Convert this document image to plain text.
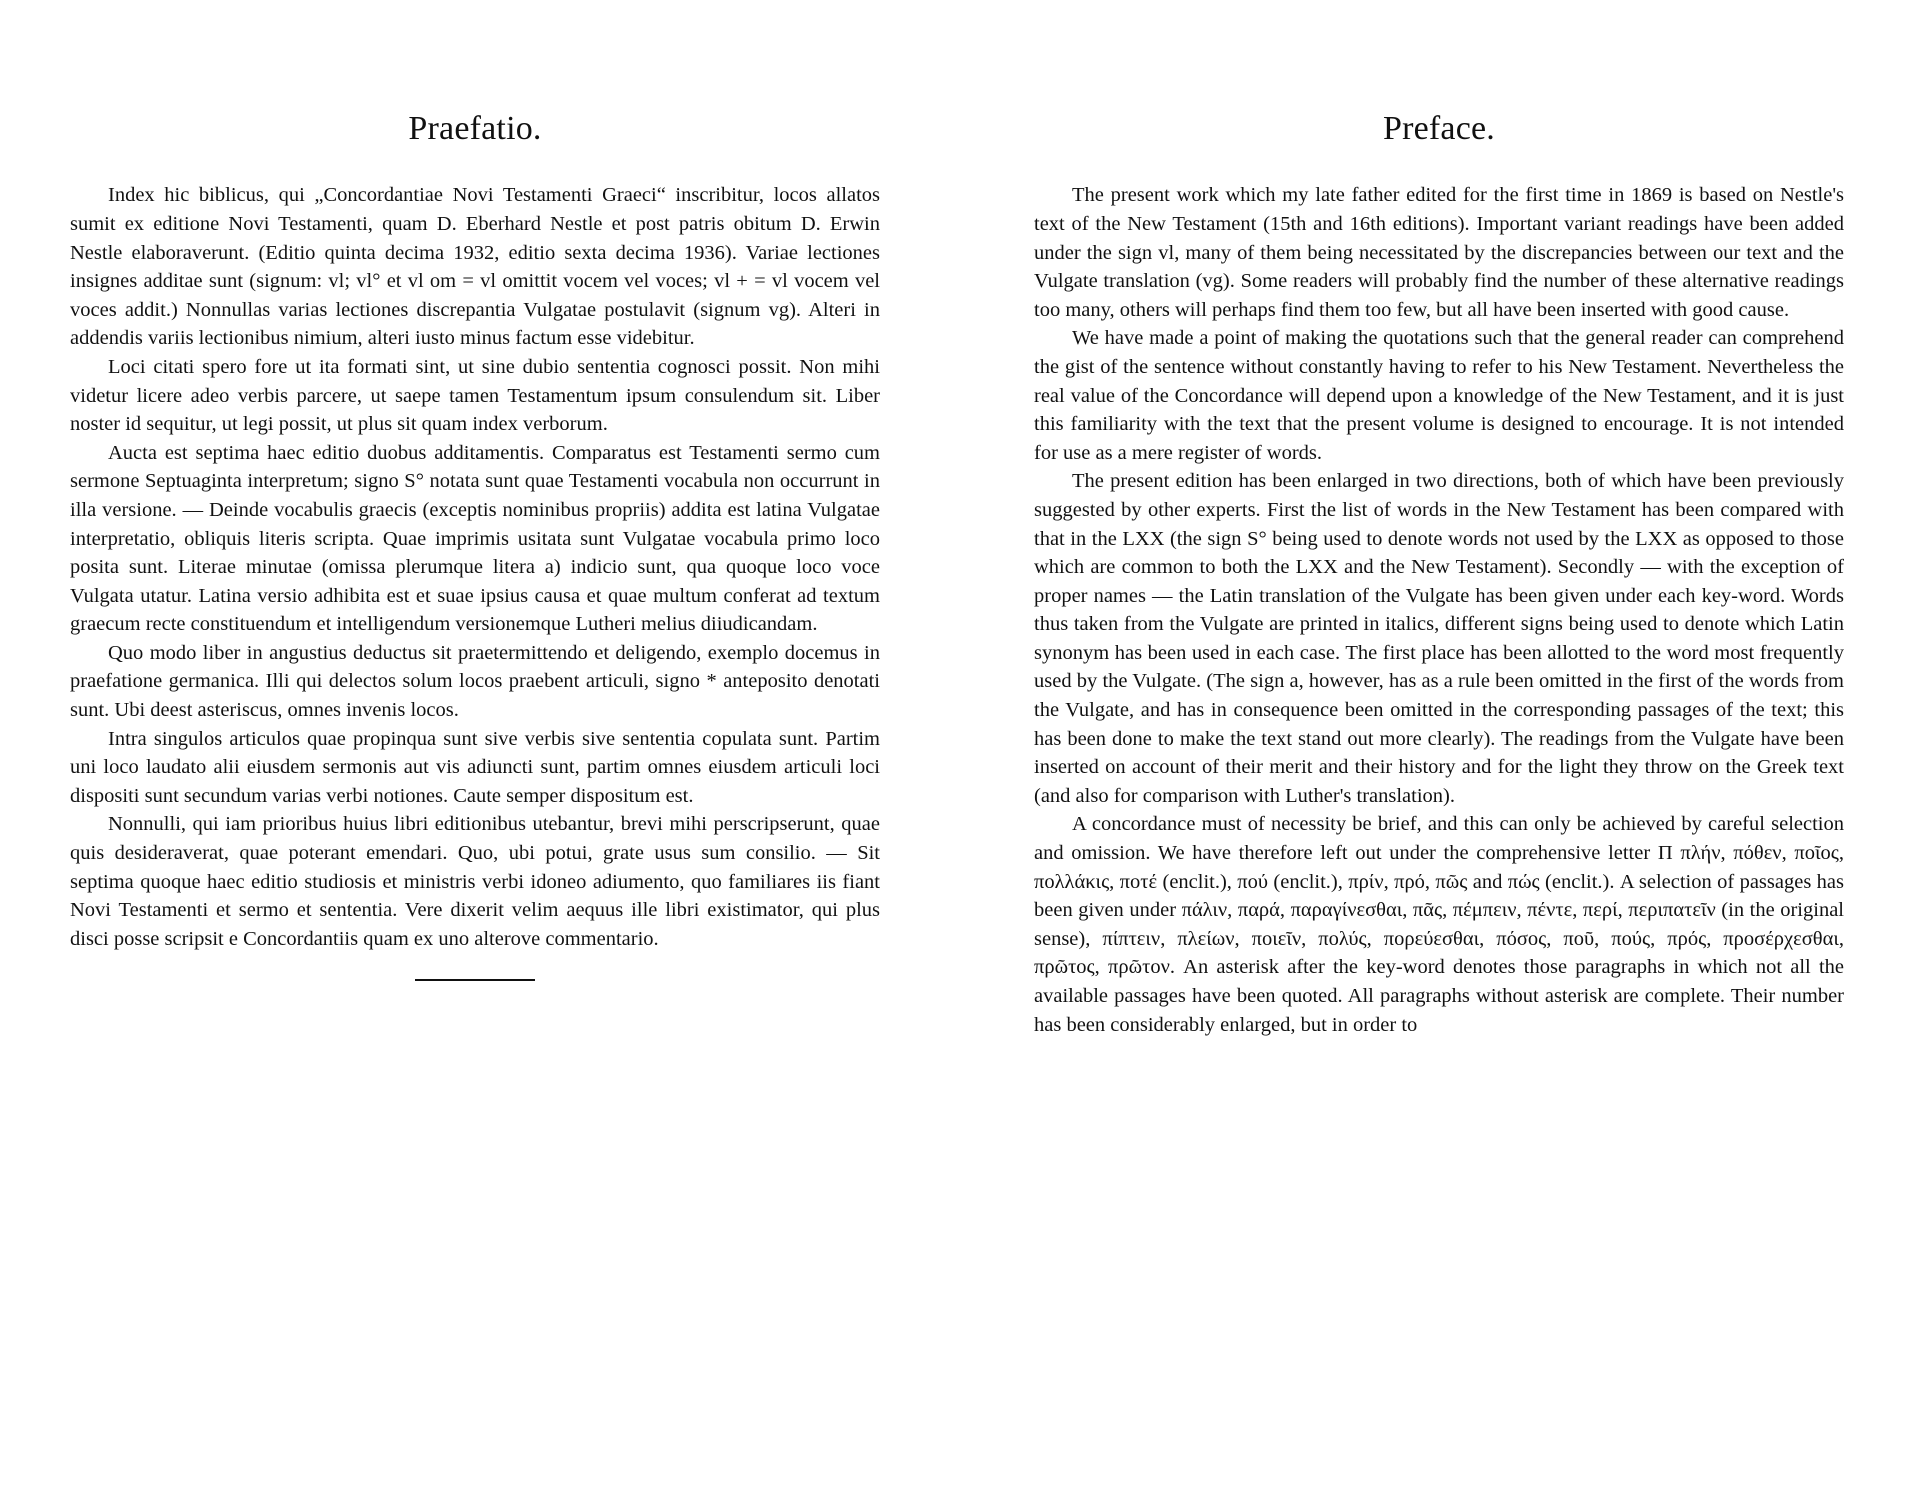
Praefatio.

Index hic biblicus, qui „Concordantiae Novi Testamenti Graeci“ inscribitur, locos allatos sumit ex editione Novi Testamenti, quam D. Eberhard Nestle et post patris obitum D. Erwin Nestle elaboraverunt. (Editio quinta decima 1932, editio sexta decima 1936). Variae lectiones insignes additae sunt (signum: vl; vl° et vl om = vl omittit vocem vel voces; vl + = vl vocem vel voces addit.) Nonnullas varias lectiones discrepantia Vulgatae postulavit (signum vg). Alteri in addendis variis lectionibus nimium, alteri iusto minus factum esse videbitur.

Loci citati spero fore ut ita formati sint, ut sine dubio sententia cognosci possit. Non mihi videtur licere adeo verbis parcere, ut saepe tamen Testamentum ipsum consulendum sit. Liber noster id sequitur, ut legi possit, ut plus sit quam index verborum.

Aucta est septima haec editio duobus additamentis. Comparatus est Testamenti sermo cum sermone Septuaginta interpretum; signo S° notata sunt quae Testamenti vocabula non occurrunt in illa versione. — Deinde vocabulis graecis (exceptis nominibus propriis) addita est latina Vulgatae interpretatio, obliquis literis scripta. Quae imprimis usitata sunt Vulgatae vocabula primo loco posita sunt. Literae minutae (omissa plerumque litera a) indicio sunt, qua quoque loco voce Vulgata utatur. Latina versio adhibita est et suae ipsius causa et quae multum conferat ad textum graecum recte constituendum et intelligendum versionemque Lutheri melius diiudicandam.

Quo modo liber in angustius deductus sit praetermittendo et deligendo, exemplo docemus in praefatione germanica. Illi qui delectos solum locos praebent articuli, signo * anteposito denotati sunt. Ubi deest asteriscus, omnes invenis locos.

Intra singulos articulos quae propinqua sunt sive verbis sive sententia copulata sunt. Partim uni loco laudato alii eiusdem sermonis aut vis adiuncti sunt, partim omnes eiusdem articuli loci dispositi sunt secundum varias verbi notiones. Caute semper dispositum est.

Nonnulli, qui iam prioribus huius libri editionibus utebantur, brevi mihi perscripserunt, quae quis desideraverat, quae poterant emendari. Quo, ubi potui, grate usus sum consilio. — Sit septima quoque haec editio studiosis et ministris verbi idoneo adiumento, quo familiares iis fiant Novi Testamenti et sermo et sententia. Vere dixerit velim aequus ille libri existimator, qui plus disci posse scripsit e Concordantiis quam ex uno alterove commentario.

Preface.

The present work which my late father edited for the first time in 1869 is based on Nestle's text of the New Testament (15th and 16th editions). Important variant readings have been added under the sign vl, many of them being necessitated by the discrepancies between our text and the Vulgate translation (vg). Some readers will probably find the number of these alternative readings too many, others will perhaps find them too few, but all have been inserted with good cause.

We have made a point of making the quotations such that the general reader can comprehend the gist of the sentence without constantly having to refer to his New Testament. Nevertheless the real value of the Concordance will depend upon a knowledge of the New Testament, and it is just this familiarity with the text that the present volume is designed to encourage. It is not intended for use as a mere register of words.

The present edition has been enlarged in two directions, both of which have been previously suggested by other experts. First the list of words in the New Testament has been compared with that in the LXX (the sign S° being used to denote words not used by the LXX as opposed to those which are common to both the LXX and the New Testament). Secondly — with the exception of proper names — the Latin translation of the Vulgate has been given under each key-word. Words thus taken from the Vulgate are printed in italics, different signs being used to denote which Latin synonym has been used in each case. The first place has been allotted to the word most frequently used by the Vulgate. (The sign a, however, has as a rule been omitted in the first of the words from the Vulgate, and has in consequence been omitted in the corresponding passages of the text; this has been done to make the text stand out more clearly). The readings from the Vulgate have been inserted on account of their merit and their history and for the light they throw on the Greek text (and also for comparison with Luther's translation).

A concordance must of necessity be brief, and this can only be achieved by careful selection and omission. We have therefore left out under the comprehensive letter Π πλήν, πόθεν, ποῖος, πολλάκις, ποτέ (enclit.), πού (enclit.), πρίν, πρό, πῶς and πώς (enclit.). A selection of passages has been given under πάλιν, παρά, παραγίνεσθαι, πᾶς, πέμπειν, πέντε, περί, περιπατεῖν (in the original sense), πίπτειν, πλείων, ποιεῖν, πολύς, πορεύεσθαι, πόσος, ποῦ, πούς, πρός, προσέρχεσθαι, πρῶτος, πρῶτον. An asterisk after the key-word denotes those paragraphs in which not all the available passages have been quoted. All paragraphs without asterisk are complete. Their number has been considerably enlarged, but in order to
